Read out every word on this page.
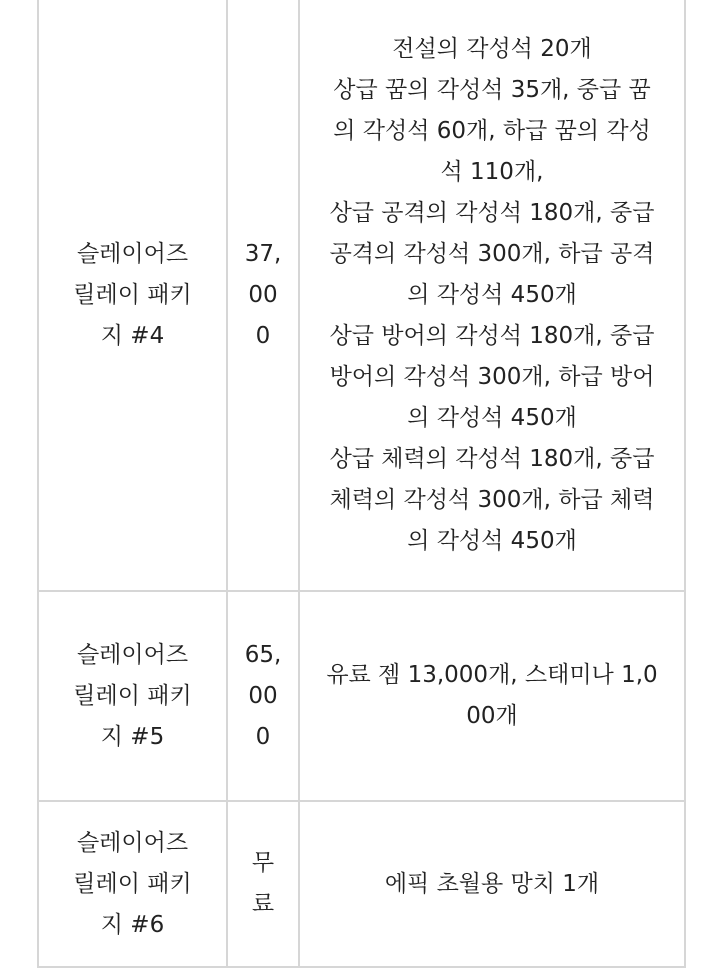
슬레이어즈 릴레이 패키지 #4	37,000	전설의 각성석 20개
상급 꿈의 각성석 35개, 중급 꿈의 각성석 60개, 하급 꿈의 각성석 110개,
상급 공격의 각성석 180개, 중급 공격의 각성석 300개, 하급 공격의 각성석 450개
상급 방어의 각성석 180개, 중급 방어의 각성석 300개, 하급 방어의 각성석 450개
상급 체력의 각성석 180개, 중급 체력의 각성석 300개, 하급 체력의 각성석 450개

슬레이어즈 릴레이 패키지 #5	65,000	유료 젬 13,000개, 스태미나 1,000개

슬레이어즈 릴레이 패키지 #6	무료	에픽 초월용 망치 1개
